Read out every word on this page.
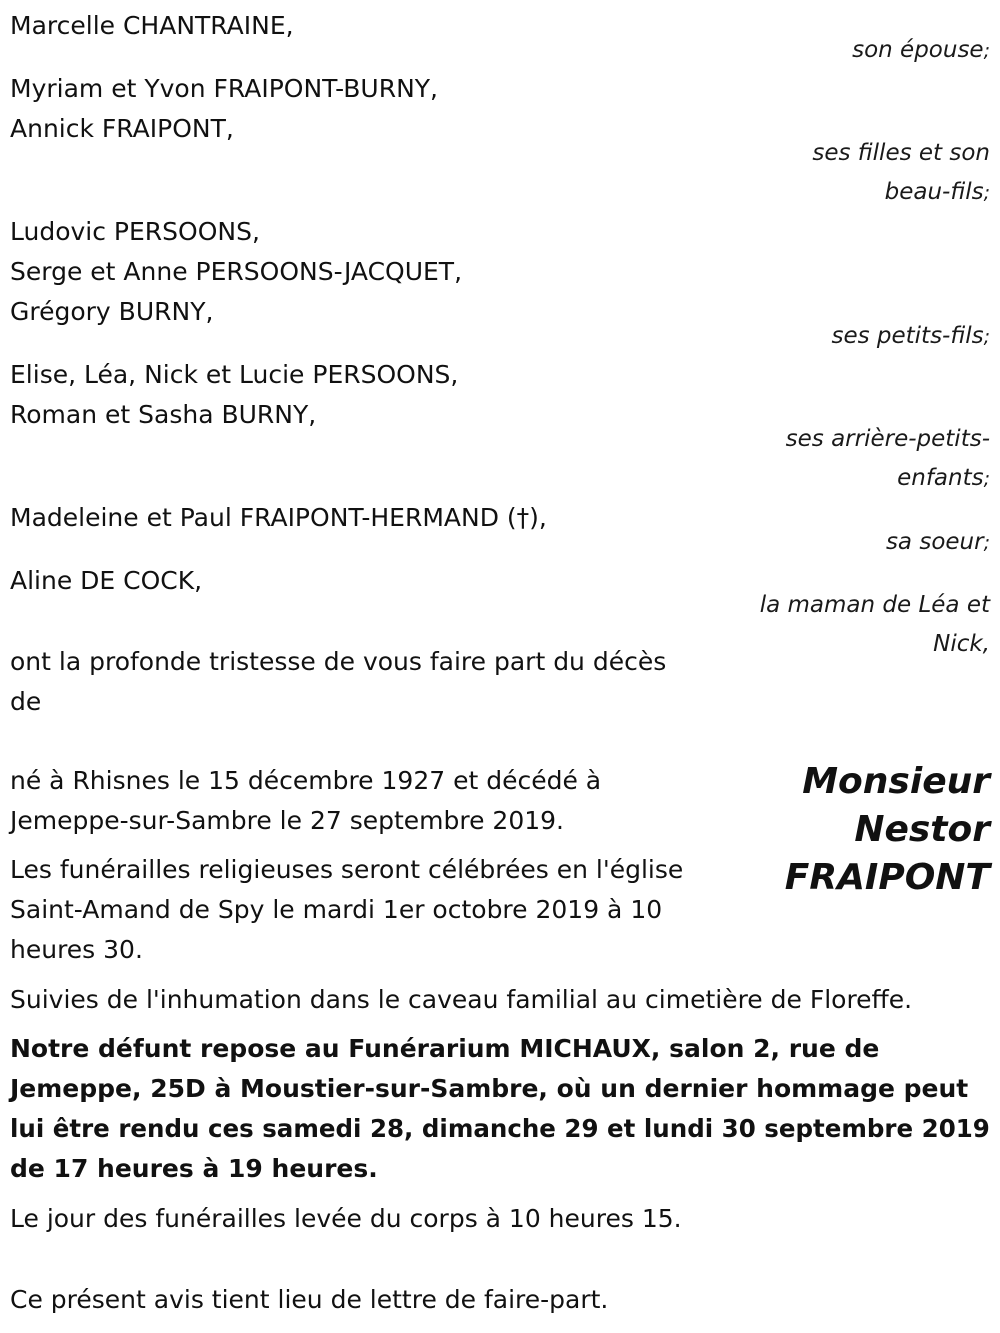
Marcelle CHANTRAINE,

son épouse;

Myriam et Yvon FRAIPONT-BURNY,

Annick FRAIPONT,

ses filles et son

beau-fils;

Ludovic PERSOONS,

Serge et Anne PERSOONS-JACQUET,

Grégory BURNY,

ses petits-fils;

Elise, Léa, Nick et Lucie PERSOONS,

Roman et Sasha BURNY,

ses arrière-petits-

enfants;

Madeleine et Paul FRAIPONT-HERMAND (†),

sa soeur;

Aline DE COCK,

la maman de Léa et

Nick,

ont la profonde tristesse de vous faire part du décès

de

Monsieur

Nestor

FRAIPONT

né à Rhisnes le 15 décembre 1927 et décédé à

Jemeppe-sur-Sambre le 27 septembre 2019.

Les funérailles religieuses seront célébrées en l'église

Saint-Amand de Spy le mardi 1er octobre 2019 à 10

heures 30.

Suivies de l'inhumation dans le caveau familial au cimetière de Floreffe.

Notre défunt repose au Funérarium MICHAUX, salon 2, rue de

Jemeppe, 25D à Moustier-sur-Sambre, où un dernier hommage peut

lui être rendu ces samedi 28, dimanche 29 et lundi 30 septembre 2019

de 17 heures à 19 heures.

Le jour des funérailles levée du corps à 10 heures 15.

Ce présent avis tient lieu de lettre de faire-part.
